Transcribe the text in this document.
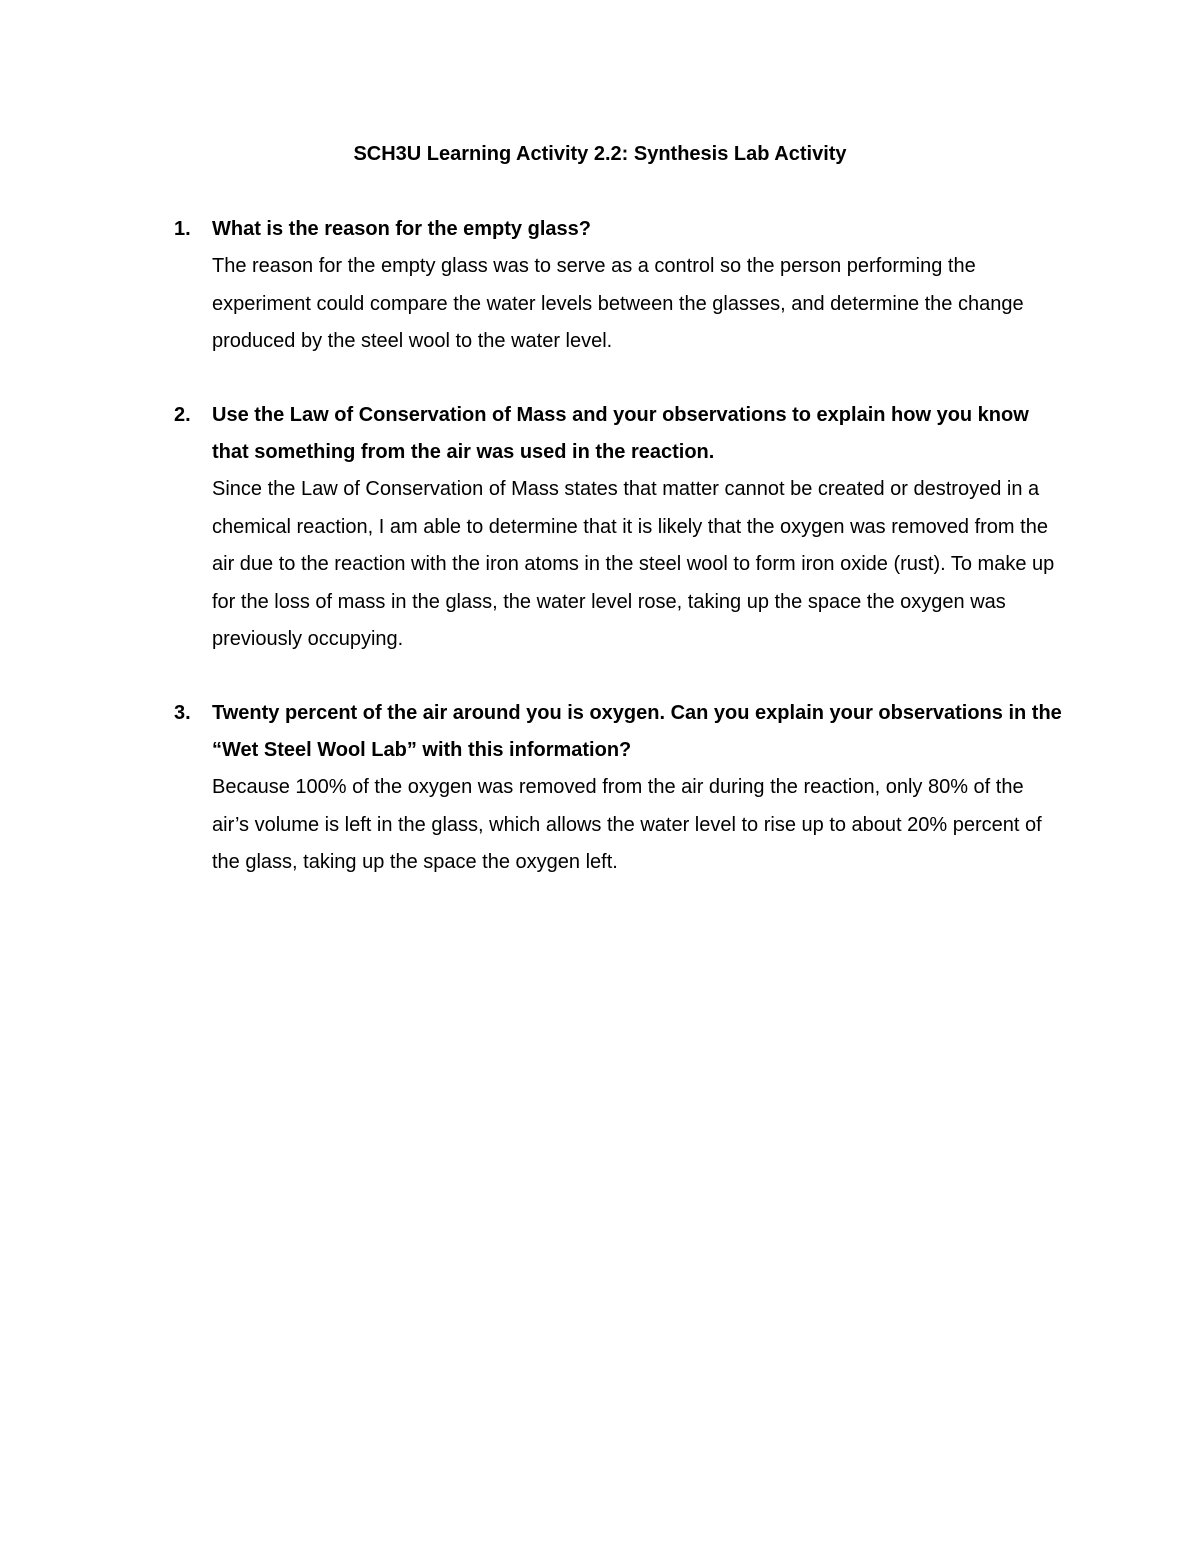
SCH3U Learning Activity 2.2: Synthesis Lab Activity
1. What is the reason for the empty glass?

The reason for the empty glass was to serve as a control so the person performing the experiment could compare the water levels between the glasses, and determine the change produced by the steel wool to the water level.

2. Use the Law of Conservation of Mass and your observations to explain how you know that something from the air was used in the reaction.

Since the Law of Conservation of Mass states that matter cannot be created or destroyed in a chemical reaction, I am able to determine that it is likely that the oxygen was removed from the air due to the reaction with the iron atoms in the steel wool to form iron oxide (rust). To make up for the loss of mass in the glass, the water level rose, taking up the space the oxygen was previously occupying.

3. Twenty percent of the air around you is oxygen. Can you explain your observations in the “Wet Steel Wool Lab” with this information?

Because 100% of the oxygen was removed from the air during the reaction, only 80% of the air’s volume is left in the glass, which allows the water level to rise up to about 20% percent of the glass, taking up the space the oxygen left.
